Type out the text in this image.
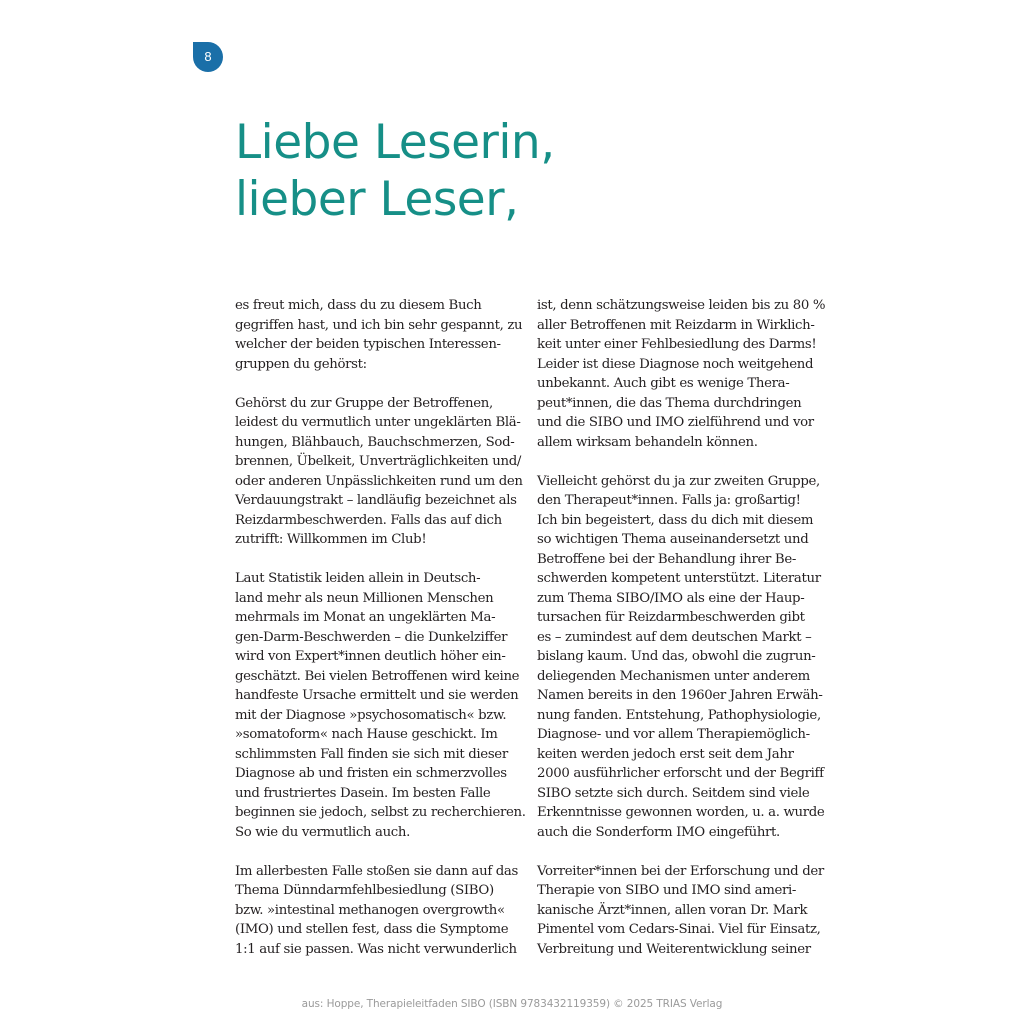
8
Liebe Leserin,
lieber Leser,
es freut mich, dass du zu diesem Buch
gegriffen hast, und ich bin sehr gespannt, zu
welcher der beiden typischen Interessen-
gruppen du gehörst:
Gehörst du zur Gruppe der Betroffenen,
leidest du vermutlich unter ungeklärten Blä-
hungen, Blähbauch, Bauchschmerzen, Sod-
brennen, Übelkeit, Unverträglichkeiten und/
oder anderen Unpässlichkeiten rund um den
Verdauungstrakt – landläufig bezeichnet als
Reizdarmbeschwerden. Falls das auf dich
zutrifft: Willkommen im Club!
Laut Statistik leiden allein in Deutsch-
land mehr als neun Millionen Menschen
mehrmals im Monat an ungeklärten Ma-
gen-Darm-Beschwerden – die Dunkelziffer
wird von Expert*innen deutlich höher ein-
geschätzt. Bei vielen Betroffenen wird keine
handfeste Ursache ermittelt und sie werden
mit der Diagnose »psychosomatisch« bzw.
»somatoform« nach Hause geschickt. Im
schlimmsten Fall finden sie sich mit dieser
Diagnose ab und fristen ein schmerzvolles
und frustriertes Dasein. Im besten Falle
beginnen sie jedoch, selbst zu recherchieren.
So wie du vermutlich auch.
Im allerbesten Falle stoßen sie dann auf das
Thema Dünndarmfehlbesiedlung (SIBO)
bzw. »intestinal methanogen overgrowth«
(IMO) und stellen fest, dass die Symptome
1:1 auf sie passen. Was nicht verwunderlich
ist, denn schätzungsweise leiden bis zu 80 %
aller Betroffenen mit Reizdarm in Wirklich-
keit unter einer Fehlbesiedlung des Darms!
Leider ist diese Diagnose noch weitgehend
unbekannt. Auch gibt es wenige Thera-
peut*innen, die das Thema durchdringen
und die SIBO und IMO zielführend und vor
allem wirksam behandeln können.
Vielleicht gehörst du ja zur zweiten Gruppe,
den Therapeut*innen. Falls ja: großartig!
Ich bin begeistert, dass du dich mit diesem
so wichtigen Thema auseinandersetzt und
Betroffene bei der Behandlung ihrer Be-
schwerden kompetent unterstützt. Literatur
zum Thema SIBO/IMO als eine der Haup-
tursachen für Reizdarmbeschwerden gibt
es – zumindest auf dem deutschen Markt –
bislang kaum. Und das, obwohl die zugrun-
deliegenden Mechanismen unter anderem
Namen bereits in den 1960er Jahren Erwäh-
nung fanden. Entstehung, Pathophysiologie,
Diagnose- und vor allem Therapiemöglich-
keiten werden jedoch erst seit dem Jahr
2000 ausführlicher erforscht und der Begriff
SIBO setzte sich durch. Seitdem sind viele
Erkenntnisse gewonnen worden, u. a. wurde
auch die Sonderform IMO eingeführt.
Vorreiter*innen bei der Erforschung und der
Therapie von SIBO und IMO sind ameri-
kanische Ärzt*innen, allen voran Dr. Mark
Pimentel vom Cedars-Sinai. Viel für Einsatz,
Verbreitung und Weiterentwicklung seiner
aus: Hoppe, Therapieleitfaden SIBO (ISBN 9783432119359) © 2025 TRIAS Verlag
